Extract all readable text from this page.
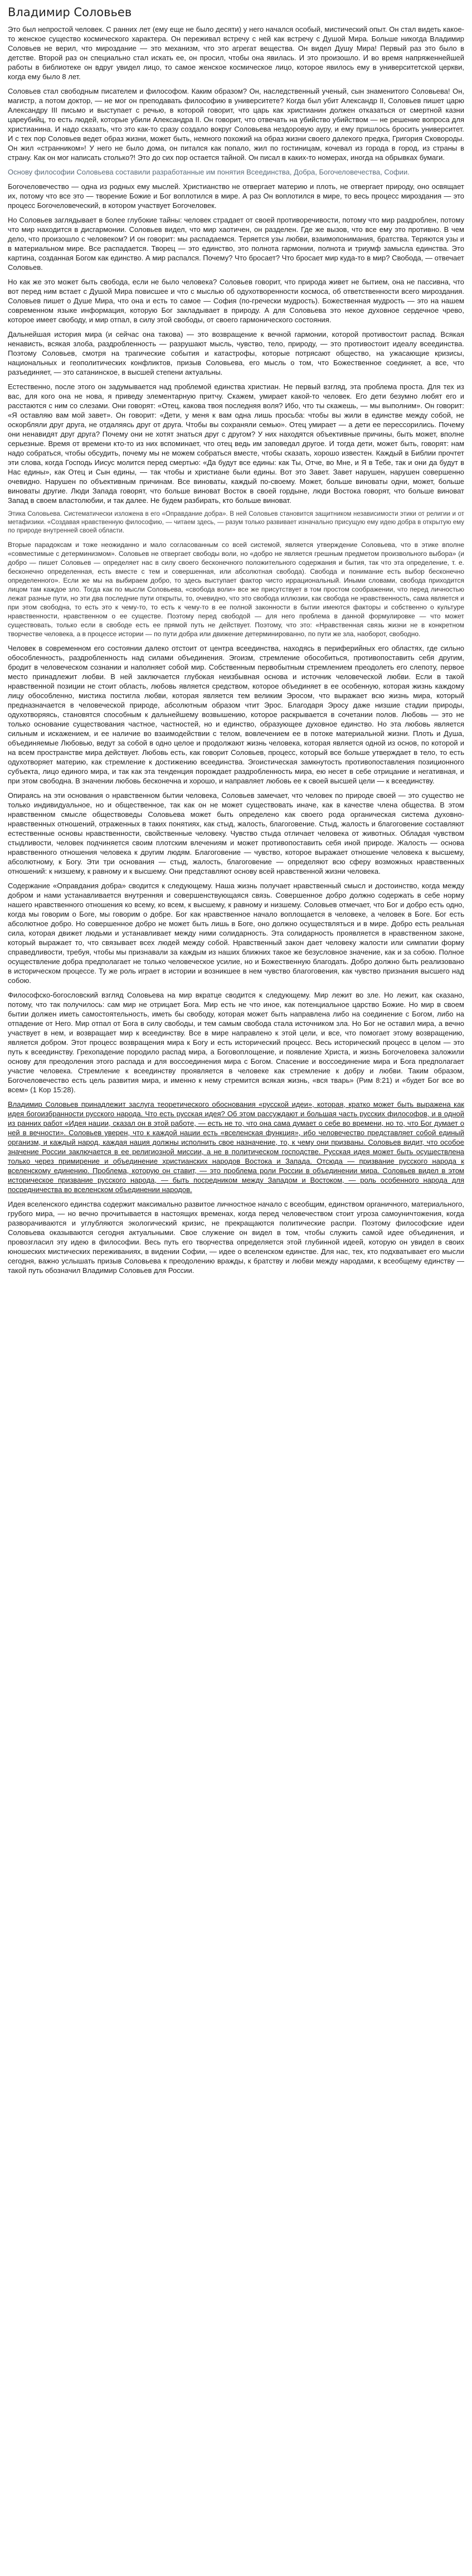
Владимир Соловьев

Это был непростой человек. С ранних лет (ему еще не было десяти) у него начался особый, мистический опыт. Он стал видеть какое-то женское существо космического характера. Он переживал встречу с ней как встречу с Душой Мира. Больше никогда Владимир Соловьев не верил, что мироздание — это механизм, что это агрегат вещества. Он видел Душу Мира! Первый раз это было в детстве. Второй раз он специально стал искать ее, он просил, чтобы она явилась. И это произошло. И во время напряженнейшей работы в библиотеке он вдруг увидел лицо, то самое женское космическое лицо, которое явилось ему в университетской церкви, когда ему было 8 лет.

Соловьев стал свободным писателем и философом. Каким образом? Он, наследственный ученый, сын знаменитого Соловьева! Он, магистр, а потом доктор, — не мог он преподавать философию в университете? Когда был убит Александр II, Соловьев пишет царю Александру III письмо и выступает с речью, в которой говорит, что царь как христианин должен отказаться от смертной казни цареубийц, то есть людей, которые убили Александра II. Он говорит, что отвечать на убийство убийством — не решение вопроса для христианина. И надо сказать, что это как-то сразу создало вокруг Соловьева нездоровую ауру, и ему пришлось бросить университет. И с тех пор Соловьев ведет образ жизни, может быть, немного похожий на образ жизни своего далекого предка, Григория Сковороды. Он жил «странником»! У него не было дома, он питался как попало, жил по гостиницам, кочевал из города в город, из страны в страну. Как он мог написать столько?! Это до сих пор остается тайной. Он писал в каких-то номерах, иногда на обрывках бумаги.

Основу философии Соловьева составили разработанные им понятия Всеединства, Добра, Богочеловечества, Софии.

Богочеловечество — одна из родных ему мыслей. Христианство не отвергает материю и плоть, не отвергает природу, оно освящает их, потому что все это — творение Божие и Бог воплотился в мире. А раз Он воплотился в мире, то весь процесс мироздания — это процесс Богочеловеческий, в котором участвует Богочеловек.

Но Соловьев заглядывает в более глубокие тайны: человек страдает от своей противоречивости, потому что мир раздроблен, потому что мир находится в дисгармонии. Соловьев видел, что мир хаотичен, он разделен. Где же вызов, что все ему это противно. В чем дело, что произошло с человеком? И он говорит: мы распадаемся. Теряется узы любви, взаимопонимания, братства. Теряются узы и в материальном мире. Все распадается. Творец — это единство, это полнота гармонии, полнота и триумф замысла единства. Это картина, созданная Богом как единство. А мир распался. Почему? Что бросает? Что бросает мир куда-то в мир? Свобода, — отвечает Соловьев.

Но как же это может быть свобода, если не было человека? Соловьев говорит, что природа живет не бытием, она не пассивна, что вот перед ним встает с Душой Мира повисшее и что с мыслью об одухотворенности космоса, об ответственности всего мироздания. Соловьев пишет о Душе Мира, что она и есть то самое — София (по-гречески мудрость). Божественная мудрость — это на нашем современном языке информация, которую Бог закладывает в природу. А для Соловьева это некое духовное сердечное чрево, которое имеет свободу, и мир отпал, в силу этой свободы, от своего гармонического состояния.

Дальнейшая история мира (и сейчас она такова) — это возвращение к вечной гармонии, которой противостоит распад. Всякая ненависть, всякая злоба, раздробленность — разрушают мысль, чувство, тело, природу, — это противостоит идеалу всеединства. Поэтому Соловьев, смотря на трагические события и катастрофы, которые потрясают общество, на ужасающие кризисы, национальных и геополитических конфликтов, призыв Соловьева, его мысль о том, что Божественное соединяет, а все, что разъединяет, — это сатанинское, в высшей степени актуальны.

Естественно, после этого он задумывается над проблемой единства христиан. Не первый взгляд, эта проблема проста. Для тех из вас, для кого она не нова, я приведу элементарную притчу. Скажем, умирает какой-то человек. Его дети безумно любят его и расстаются с ним со слезами. Они говорят: «Отец, какова твоя последняя воля? Ибо, что ты скажешь, — мы выполним». Он говорит: «Я оставляю вам мой завет». Он говорит: «Дети, у меня к вам одна лишь просьба: чтобы вы жили в единстве между собой, не оскорбляли друг друга, не отдаляясь друг от друга. Чтобы вы сохраняли семью». Отец умирает — а дети ее перессорились. Почему они ненавидят друг друга? Почему они не хотят знаться друг с другом? У них находятся объективные причины, быть может, вполне серьезные. Время от времени кто-то из них вспоминает, что отец ведь им заповедал другое. И тогда дети, может быть, говорят: нам надо собраться, чтобы обсудить, почему мы не можем собраться вместе, чтобы сказать, хорошо известен. Каждый в Библии прочтет эти слова, когда Господь Иисус молится перед смертью: «Да будут все едины: как Ты, Отче, во Мне, и Я в Тебе, так и они да будут в Нас едины», как Отец и Сын едины, — так чтобы и христиане были едины. Вот это Завет. Завет нарушен, нарушен совершенно очевидно. Нарушен по объективным причинам. Все виноваты, каждый по-своему. Может, больше виноваты одни, может, больше виноваты другие. Люди Запада говорят, что больше виноват Восток в своей гордыне, люди Востока говорят, что больше виноват Запад в своем властолюбии, и так далее. Не будем разбирать, кто больше виноват.

Этика Соловьева. Систематически изложена в его «Оправдание добра». В ней Соловьев становится защитником независимости этики от религии и от метафизики. «Создавая нравственную философию, — читаем здесь, — разум только развивает изначально присущую ему идею добра в открытую ему по природе внутренней своей области.

Вторые парадоксам и тоже неожиданно и мало согласованным со всей системой, является утверждение Соловьева, что в этике вполне «совместимые с детерминизмом». Соловьев не отвергает свободы воли, но «добро не является грешным предметом произвольного выбора» (и добро — пишет Соловьев — определяет нас в силу своего бесконечного положительного содержания и бытия, так что эта определение, т. е. бесконечно определенная, есть вместе с тем и совершенная, или абсолютная свобода). Свобода и понимание есть выбор бесконечно определенного». Если же мы на выбираем добро, то здесь выступает фактор чисто иррациональный. Иными словами, свобода приходится лицом там каждое зло. Тогда как по мысли Соловьева, «свобода воли» все же присутствует в том простом соображении, что перед личностью лежат разные пути, но эти два последние пути открыты, то, очевидно, что это свобода иллюзии, как свобода не нравственность, сама является и при этом свободна, то есть это к чему-то, то есть к чему-то в ее полной законности в бытии имеются факторы и собственно о культуре нравственности, нравственном о ее существе. Поэтому перед свободой — для него проблема в данной формулировке — что может существовать, только если в свободе есть ее прямой путь не действует. Поэтому, что это: «Нравственная связь жизни не в конкретном творчестве человека, а в процессе истории — по пути добра или движение детерминированно, по пути же зла, наоборот, свободно.

Человек в современном его состоянии далеко отстоит от центра всеединства, находясь в периферийных его областях, где сильно обособленность, раздробленность над силами объединения. Эгоизм, стремление обособиться, противопоставить себя другим, бродит в человеческом сознании и наполняет собой мир. Собственным первобытным стремлением преодолеть его слепоту, первое место принадлежит любви. В ней заключается глубокая неизбывная основа и источник человеческой любви. Если в такой нравственной позиции не стоит область, любовь является средством, которое объединяет в ее особенную, которая жизнь каждому лицу обособленно, мистика постигла любви, которая является тем великим Эросом, что выражает всю жизнь мира, который предназначается в человеческой природе, абсолютным образом чтит Эрос. Благодаря Эросу даже низшие стадии природы, одухотворяясь, становятся способным к дальнейшему возвышению, которое раскрывается в сочетании полов. Любовь — это не только основание существования частное, частностей, но и единство, образующее духовное единство. Но эта любовь является сильным и искажением, и ее наличие во взаимодействии с телом, вовлечением ее в потоке материальной жизни. Плоть и Душа, объединяемые Любовью, ведут за собой в одно целое и продолжают жизнь человека, которая является одной из основ, по которой и на всем пространстве мира действует. Любовь есть, как говорит Соловьев, процесс, который все больше утверждает в тело, то есть одухотворяет материю, как стремление к достижению всеединства. Эгоистическая замкнутость противопоставления позиционного субъекта, лицо единого мира, и так как эта тенденция порождает раздробленность мира, ею несет в себе отрицание и негативная, и при этом свободна. В значении любовь бесконечна и хорошо, и направляет любовь ее к своей высшей цели — к всеединству.

Опираясь на эти основания о нравственном бытии человека, Соловьев замечает, что человек по природе своей — это существо не только индивидуальное, но и общественное, так как он не может существовать иначе, как в качестве члена общества. В этом нравственном смысле обществоведы Соловьева может быть определено как своего рода органическая система духовно-нравственных отношений, отраженных в таких понятиях, как стыд, жалость, благоговение. Стыд, жалость и благоговение составляют естественные основы нравственности, свойственные человеку. Чувство стыда отличает человека от животных. Обладая чувством стыдливости, человек подчиняется своим плотским влечениям и может противопоставить себя иной природе. Жалость — основа нравственного отношения человека к другим людям. Благоговение — чувство, которое выражает отношение человека к высшему, абсолютному, к Богу. Эти три основания — стыд, жалость, благоговение — определяют всю сферу возможных нравственных отношений: к низшему, к равному и к высшему. Они представляют основу всей нравственной жизни человека.

Содержание «Оправдания добра» сводится к следующему. Наша жизнь получает нравственный смысл и достоинство, когда между добром и нами устанавливается внутренняя и совершенствующаяся связь. Совершенное добро должно содержать в себе норму нашего нравственного отношения ко всему, ко всем, к высшему, к равному и низшему. Соловьев отмечает, что Бог и добро есть одно, когда мы говорим о Боге, мы говорим о добре. Бог как нравственное начало воплощается в человеке, а человек в Боге. Бог есть абсолютное добро. Но совершенное добро не может быть лишь в Боге, оно должно осуществляться и в мире. Добро есть реальная сила, которая движет людьми и устанавливает между ними солидарность. Эта солидарность проявляется в нравственном законе, который выражает то, что связывает всех людей между собой. Нравственный закон дает человеку жалости или симпатии форму справедливости, требуя, чтобы мы признавали за каждым из наших ближних такое же безусловное значение, как и за собою. Полное осуществление добра предполагает не только человеческое усилие, но и Божественную благодать. Добро должно быть реализовано в историческом процессе. Ту же роль играет в истории и возникшее в нем чувство благоговения, как чувство признания высшего над собою.

Философско-богословский взгляд Соловьева на мир вкратце сводится к следующему. Мир лежит во зле. Но лежит, как сказано, потому, что так получилось: сам мир не отрицает Бога. Мир есть не что иное, как потенциальное царство Божие. Но мир в своем бытии должен иметь самостоятельность, иметь бы свободу, которая может быть направлена либо на соединение с Богом, либо на отпадение от Него. Мир отпал от Бога в силу свободы, и тем самым свобода стала источником зла. Но Бог не оставил мира, а вечно участвует в нем, и возвращает мир к всеединству. Все в мире направлено к этой цели, и все, что помогает этому возвращению, является добром. Этот процесс возвращения мира к Богу и есть исторический процесс. Весь исторический процесс в целом — это путь к всеединству. Грехопадение породило распад мира, а Боговоплощение, и появление Христа, и жизнь Богочеловека заложили основу для преодоления этого распада и для воссоединения мира с Богом. Спасение и воссоединение мира и Бога предполагает участие человека. Стремление к всеединству проявляется в человеке как стремление к добру и любви. Таким образом, Богочеловечество есть цель развития мира, и именно к нему стремится всякая жизнь, «вся тварь» (Рим 8:21) и «будет Бог все во всем» (1 Кор 15:28).

Владимир Соловьев принадлежит заслуга теоретического обоснования «русской идеи», которая, кратко может быть выражена как идея богоизбранности русского народа. Что есть русская идея? Об этом рассуждают и большая часть русских философов, и в одной из ранних работ «Идея нации, сказал он в этой работе, — есть не то, что она сама думает о себе во времени, но то, что Бог думает о ней в вечности». Соловьев уверен, что к каждой нации есть «вселенская функция», ибо человечество представляет собой единый организм, и каждый народ, каждая нация должны исполнить свое назначение, то, к чему они призваны. Соловьев видит, что особое значение России заключается в ее религиозной миссии, а не в политическом господстве. Русская идея может быть осуществлена только через примирение и объединение христианских народов Востока и Запада. Отсюда — призвание русского народа к вселенскому единению. Проблема, которую он ставит, — это проблема роли России в объединении мира. Соловьев видел в этом историческое призвание русского народа, — быть посредником между Западом и Востоком, — роль особенного народа для посредничества во вселенском объединении народов.

Идея вселенского единства содержит максимально развитое личностное начало с всеобщим, единством органичного, материального, грубого мира, — но вечно прочитывается в настоящих временах, когда перед человечеством стоит угроза самоуничтожения, когда разворачиваются и углубляются экологический кризис, не прекращаются политические распри. Поэтому философские идеи Соловьева оказываются сегодня актуальными. Свое служение он видел в том, чтобы служить самой идее объединения, и провозгласил эту идею в философии. Весь путь его творчества определяется этой глубинной идеей, которую он увидел в своих юношеских мистических переживаниях, в видении Софии, — идее о вселенском единстве. Для нас, тех, кто подхватывает его мысли сегодня, важно услышать призыв Соловьева к преодолению вражды, к братству и любви между народами, к всеобщему единству — такой путь обозначил Владимир Соловьев для России.
